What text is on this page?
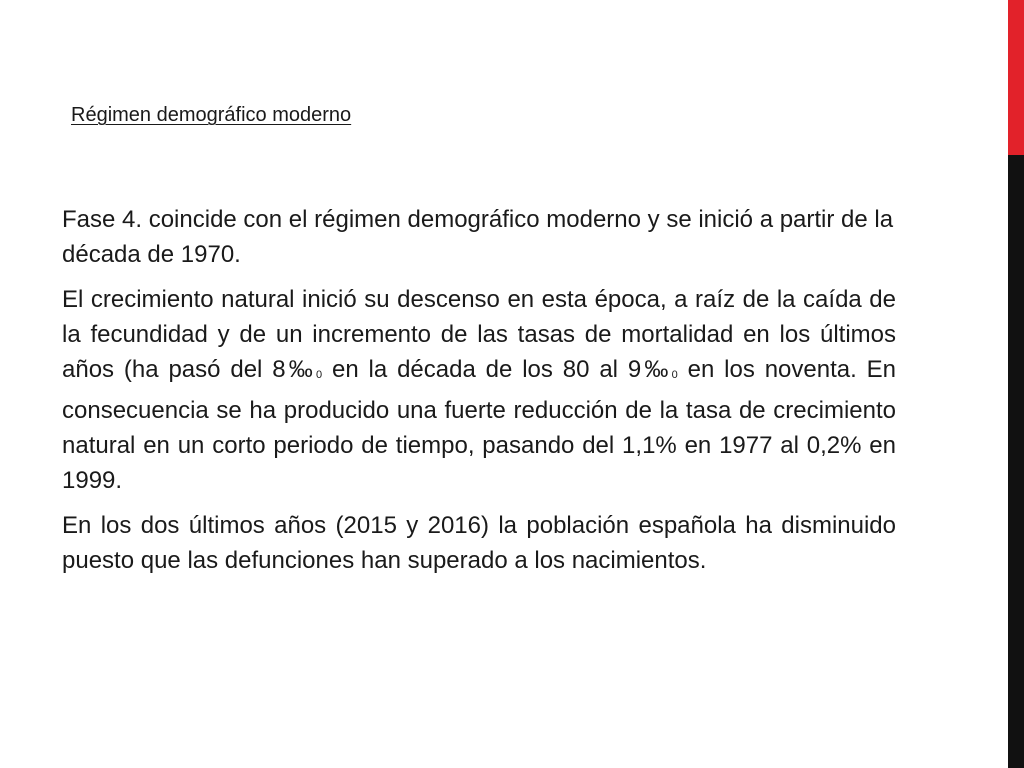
Régimen demográfico moderno

Fase 4. coincide con el régimen demográfico moderno y se inició a partir de la década de 1970.

El crecimiento natural inició su descenso en esta época, a raíz de la caída de la fecundidad y de un incremento de las tasas de mortalidad en los últimos años (ha pasó del $8‰_0$ en la década de los 80 al $9‰_0$ en los noventa. En consecuencia se ha producido una fuerte reducción de la tasa de crecimiento natural en un corto periodo de tiempo, pasando del 1,1% en 1977 al 0,2% en 1999.

En los dos últimos años (2015 y 2016) la población española ha disminuido puesto que las defunciones han superado a los nacimientos.
